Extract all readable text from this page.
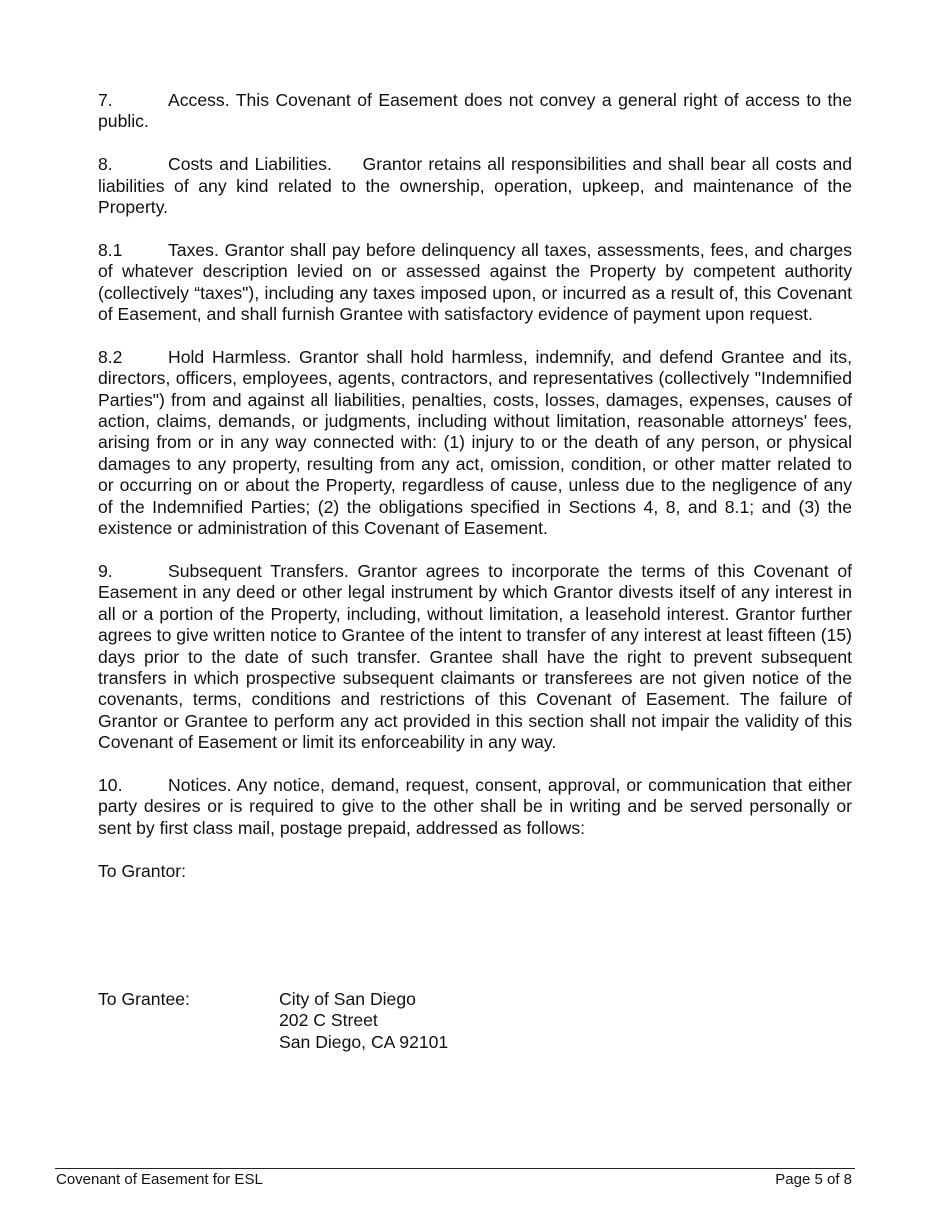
7.	Access. This Covenant of Easement does not convey a general right of access to the public.

8.	Costs and Liabilities.     Grantor retains all responsibilities and shall bear all costs and liabilities of any kind related to the ownership, operation, upkeep, and maintenance of the Property.

8.1	Taxes. Grantor shall pay before delinquency all taxes, assessments, fees, and charges of whatever description levied on or assessed against the Property by competent authority (collectively “taxes"), including any taxes imposed upon, or incurred as a result of, this Covenant of Easement, and shall furnish Grantee with satisfactory evidence of payment upon request.

8.2	Hold Harmless. Grantor shall hold harmless, indemnify, and defend Grantee and its, directors, officers, employees, agents, contractors, and representatives (collectively "Indemnified Parties") from and against all liabilities, penalties, costs, losses, damages, expenses, causes of action, claims, demands, or judgments, including without limitation, reasonable attorneys' fees, arising from or in any way connected with: (1) injury to or the death of any person, or physical damages to any property, resulting from any act, omission, condition, or other matter related to or occurring on or about the Property, regardless of cause, unless due to the negligence of any of the Indemnified Parties; (2) the obligations specified in Sections 4, 8, and 8.1; and (3) the existence or administration of this Covenant of Easement.

9.	Subsequent Transfers. Grantor agrees to incorporate the terms of this Covenant of Easement in any deed or other legal instrument by which Grantor divests itself of any interest in all or a portion of the Property, including, without limitation, a leasehold interest. Grantor further agrees to give written notice to Grantee of the intent to transfer of any interest at least fifteen (15) days prior to the date of such transfer. Grantee shall have the right to prevent subsequent transfers in which prospective subsequent claimants or transferees are not given notice of the covenants, terms, conditions and restrictions of this Covenant of Easement. The failure of Grantor or Grantee to perform any act provided in this section shall not impair the validity of this Covenant of Easement or limit its enforceability in any way.

10.	Notices. Any notice, demand, request, consent, approval, or communication that either party desires or is required to give to the other shall be in writing and be served personally or sent by first class mail, postage prepaid, addressed as follows:

To Grantor:

To Grantee:	City of San Diego
202 C Street
San Diego, CA 92101
Covenant of Easement for ESL	Page 5 of 8
